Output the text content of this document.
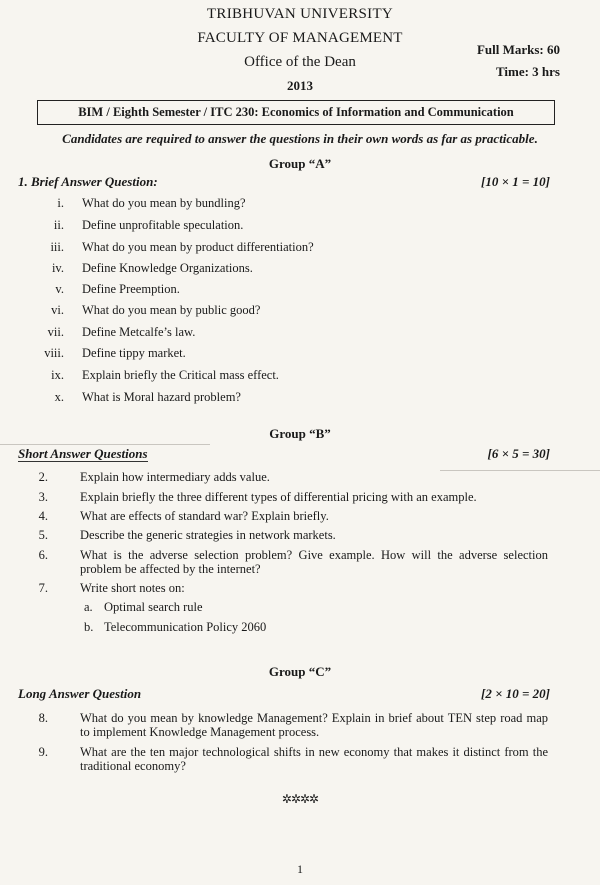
TRIBHUVAN UNIVERSITY
FACULTY OF MANAGEMENT
Office of the Dean
2013
Full Marks: 60
Time: 3 hrs
BIM / Eighth Semester / ITC 230: Economics of Information and Communication
Candidates are required to answer the questions in their own words as far as practicable.
Group “A”
1. Brief Answer Question:	[10 × 1 = 10]
i. What do you mean by bundling?
ii. Define unprofitable speculation.
iii. What do you mean by product differentiation?
iv. Define Knowledge Organizations.
v. Define Preemption.
vi. What do you mean by public good?
vii. Define Metcalfe’s law.
viii. Define tippy market.
ix. Explain briefly the Critical mass effect.
x. What is Moral hazard problem?
Group “B”
Short Answer Questions	[6 × 5 = 30]
2.	Explain how intermediary adds value.
3.	Explain briefly the three different types of differential pricing with an example.
4.	What are effects of standard war? Explain briefly.
5.	Describe the generic strategies in network markets.
6.	What is the adverse selection problem? Give example. How will the adverse selection problem be affected by the internet?
7.	Write short notes on:
a. Optimal search rule
b. Telecommunication Policy 2060
Group “C”
Long Answer Question	[2 × 10 = 20]
8.	What do you mean by knowledge Management? Explain in brief about TEN step road map to implement Knowledge Management process.
9.	What are the ten major technological shifts in new economy that makes it distinct from the traditional economy?
✲✲✲✲
1
